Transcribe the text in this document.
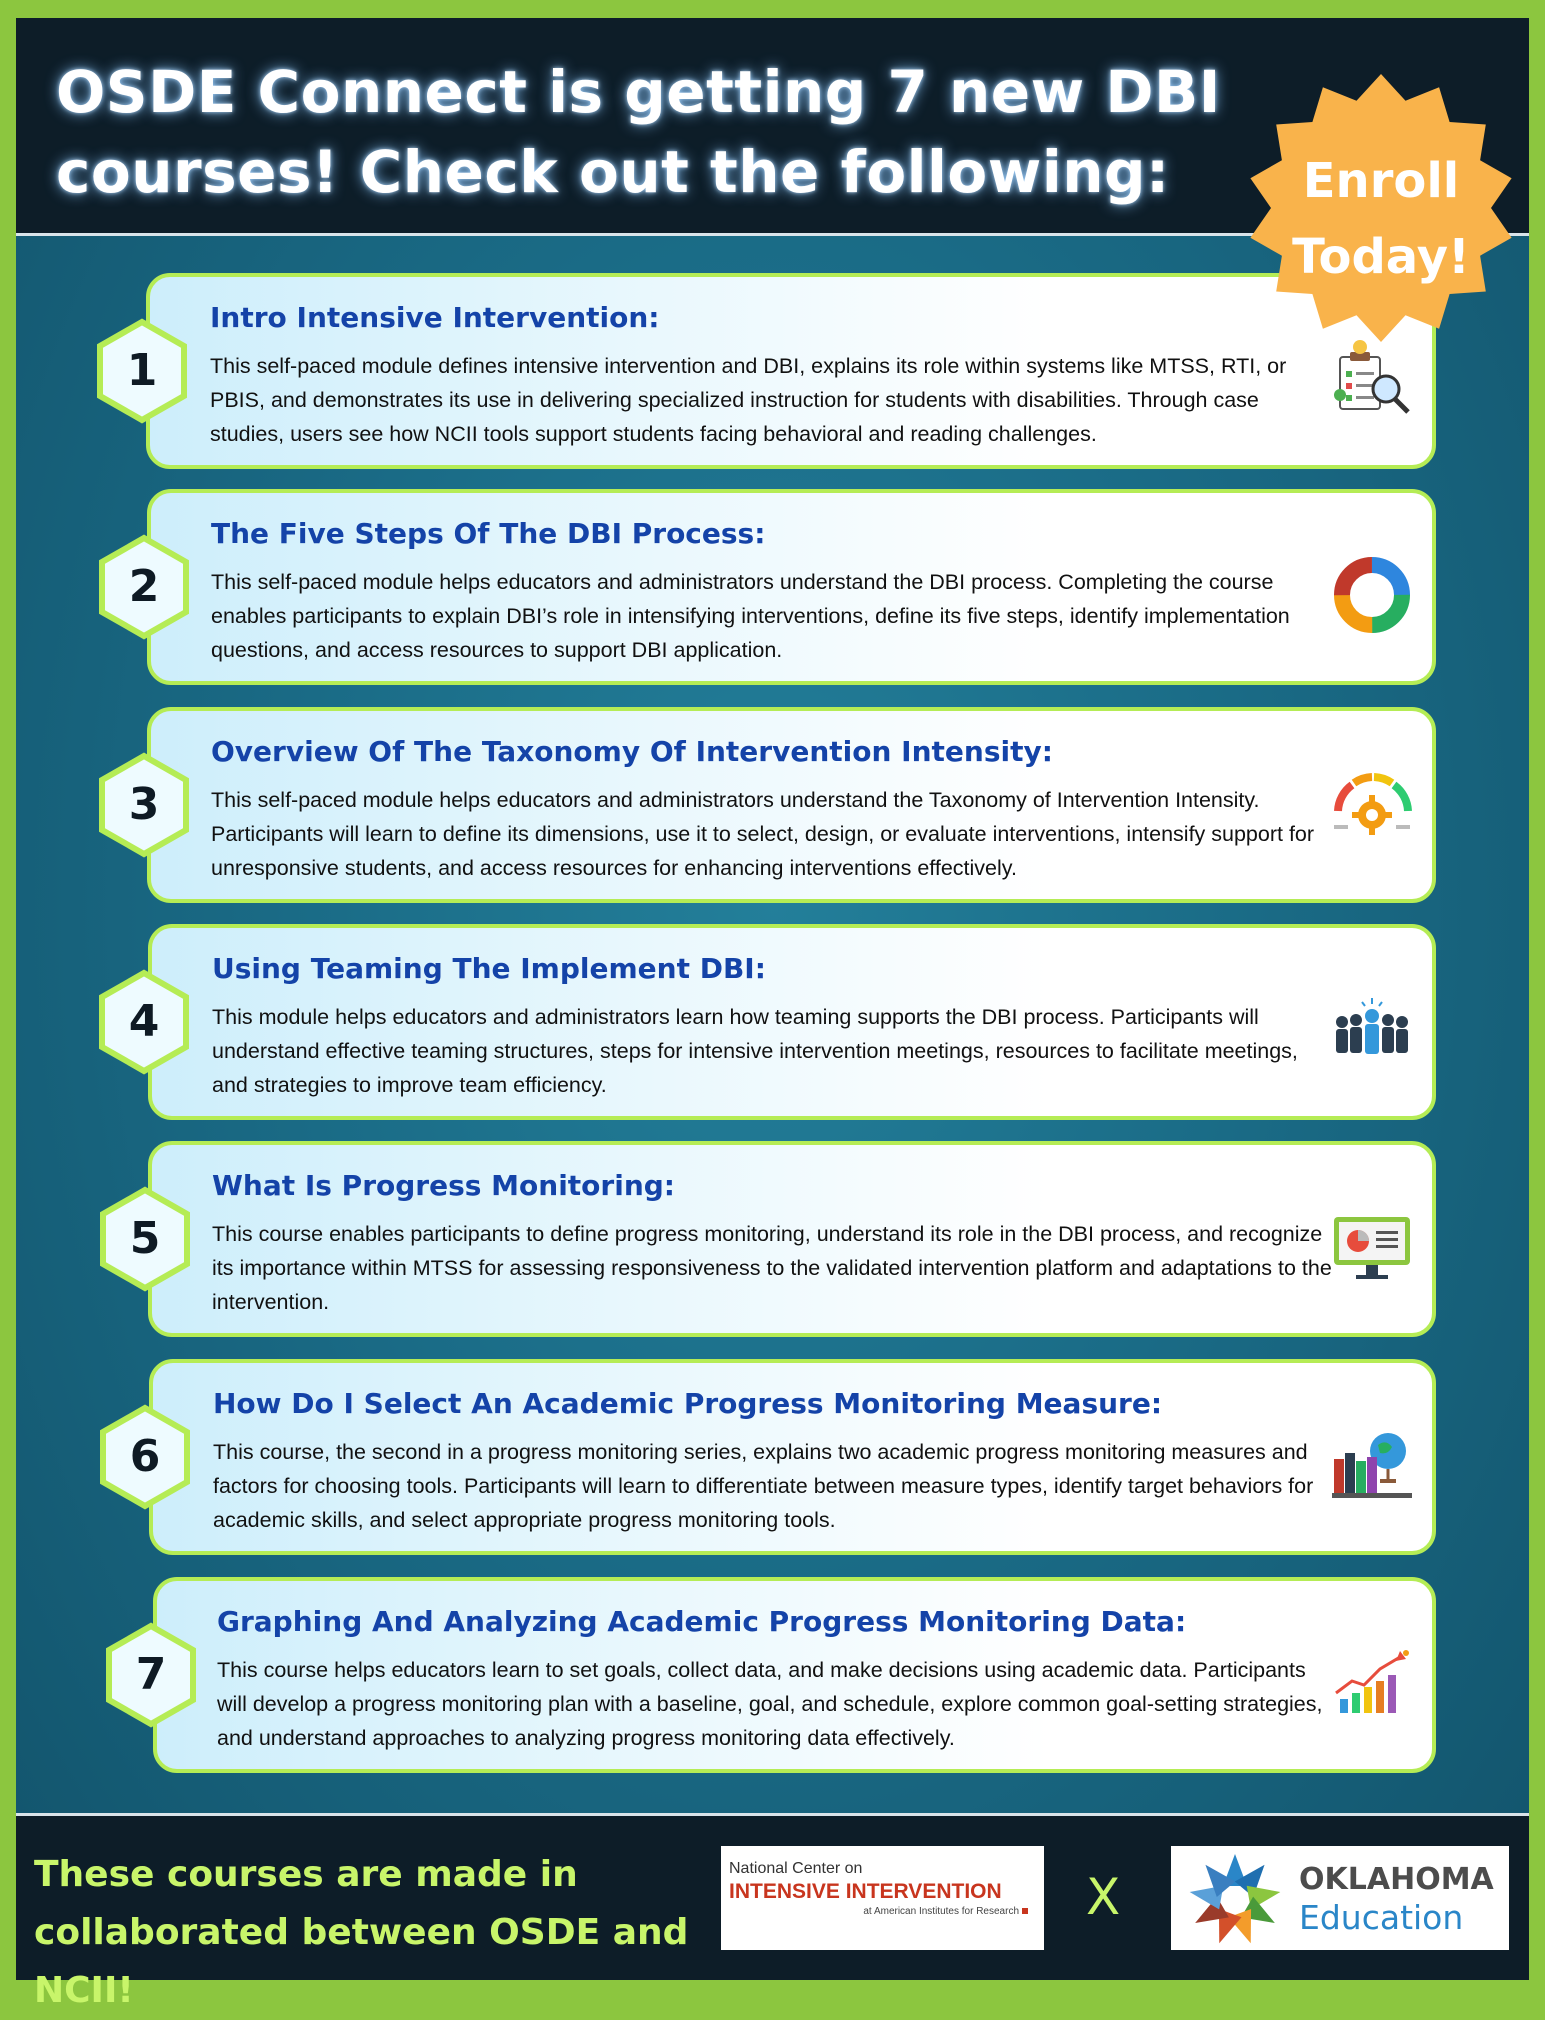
OSDE Connect is getting 7 new DBI
courses! Check out the following:	Enroll
Today!
Intro Intensive Intervention:
This self-paced module defines intensive intervention and DBI, explains its role within systems like MTSS, RTI, or PBIS, and demonstrates its use in delivering specialized instruction for students with disabilities. Through case studies, users see how NCII tools support students facing behavioral and reading challenges.
1
The Five Steps Of The DBI Process:
This self-paced module helps educators and administrators understand the DBI process. Completing the course enables participants to explain DBI’s role in intensifying interventions, define its five steps, identify implementation questions, and access resources to support DBI application.
2
Overview Of The Taxonomy Of Intervention Intensity:
This self-paced module helps educators and administrators understand the Taxonomy of Intervention Intensity. Participants will learn to define its dimensions, use it to select, design, or evaluate interventions, intensify support for unresponsive students, and access resources for enhancing interventions effectively.
3
Using Teaming The Implement DBI:
This module helps educators and administrators learn how teaming supports the DBI process. Participants will understand effective teaming structures, steps for intensive intervention meetings, resources to facilitate meetings, and strategies to improve team efficiency.
4
What Is Progress Monitoring:
This course enables participants to define progress monitoring, understand its role in the DBI process, and recognize its importance within MTSS for assessing responsiveness to the validated intervention platform and adaptations to the intervention.
5
How Do I Select An Academic Progress Monitoring Measure:
This course, the second in a progress monitoring series, explains two academic progress monitoring measures and factors for choosing tools. Participants will learn to differentiate between measure types, identify target behaviors for academic skills, and select appropriate progress monitoring tools.
6
Graphing And Analyzing Academic Progress Monitoring Data:
This course helps educators learn to set goals, collect data, and make decisions using academic data. Participants will develop a progress monitoring plan with a baseline, goal, and schedule, explore common goal-setting strategies, and understand approaches to analyzing progress monitoring data effectively.
7
These courses are made in
collaborated between OSDE and NCII!
National Center on
INTENSIVE INTERVENTION
at American Institutes for Research	X	OKLAHOMA
Education
